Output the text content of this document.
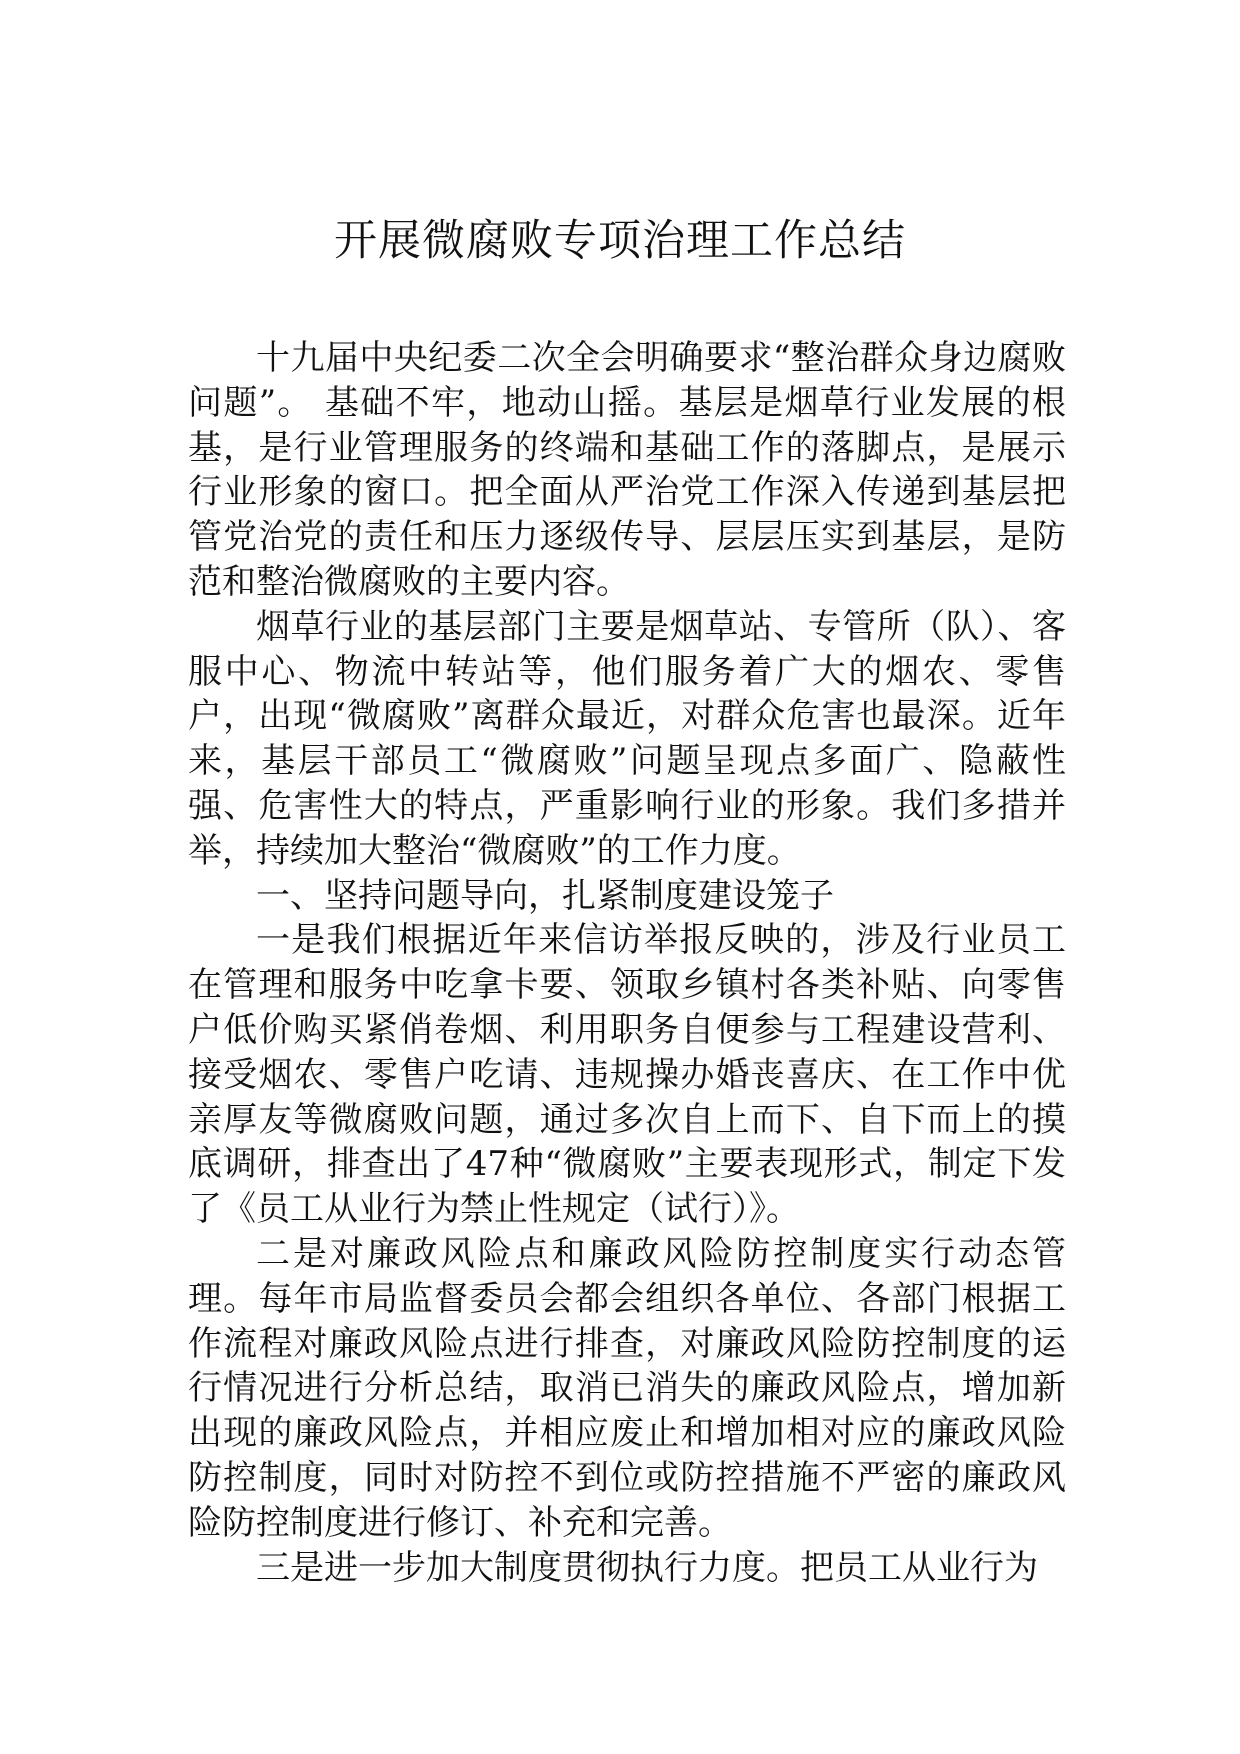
开展微腐败专项治理工作总结

十九届中央纪委二次全会明确要求“整治群众身边腐败问题”。 基础不牢，地动山摇。基层是烟草行业发展的根基，是行业管理服务的终端和基础工作的落脚点，是展示行业形象的窗口。把全面从严治党工作深入传递到基层把管党治党的责任和压力逐级传导、层层压实到基层，是防范和整治微腐败的主要内容。

烟草行业的基层部门主要是烟草站、专管所（队）、客服中心、物流中转站等，他们服务着广大的烟农、零售户，出现“微腐败”离群众最近，对群众危害也最深。近年来，基层干部员工“微腐败”问题呈现点多面广、隐蔽性强、危害性大的特点，严重影响行业的形象。我们多措并举，持续加大整治“微腐败”的工作力度。

一、坚持问题导向，扎紧制度建设笼子

一是我们根据近年来信访举报反映的，涉及行业员工在管理和服务中吃拿卡要、领取乡镇村各类补贴、向零售户低价购买紧俏卷烟、利用职务自便参与工程建设营利、接受烟农、零售户吃请、违规操办婚丧喜庆、在工作中优亲厚友等微腐败问题，通过多次自上而下、自下而上的摸底调研，排查出了47种“微腐败”主要表现形式，制定下发了《员工从业行为禁止性规定（试行）》。

二是对廉政风险点和廉政风险防控制度实行动态管理。每年市局监督委员会都会组织各单位、各部门根据工作流程对廉政风险点进行排查，对廉政风险防控制度的运行情况进行分析总结，取消已消失的廉政风险点，增加新出现的廉政风险点，并相应废止和增加相对应的廉政风险防控制度，同时对防控不到位或防控措施不严密的廉政风险防控制度进行修订、补充和完善。

三是进一步加大制度贯彻执行力度。把员工从业行为
